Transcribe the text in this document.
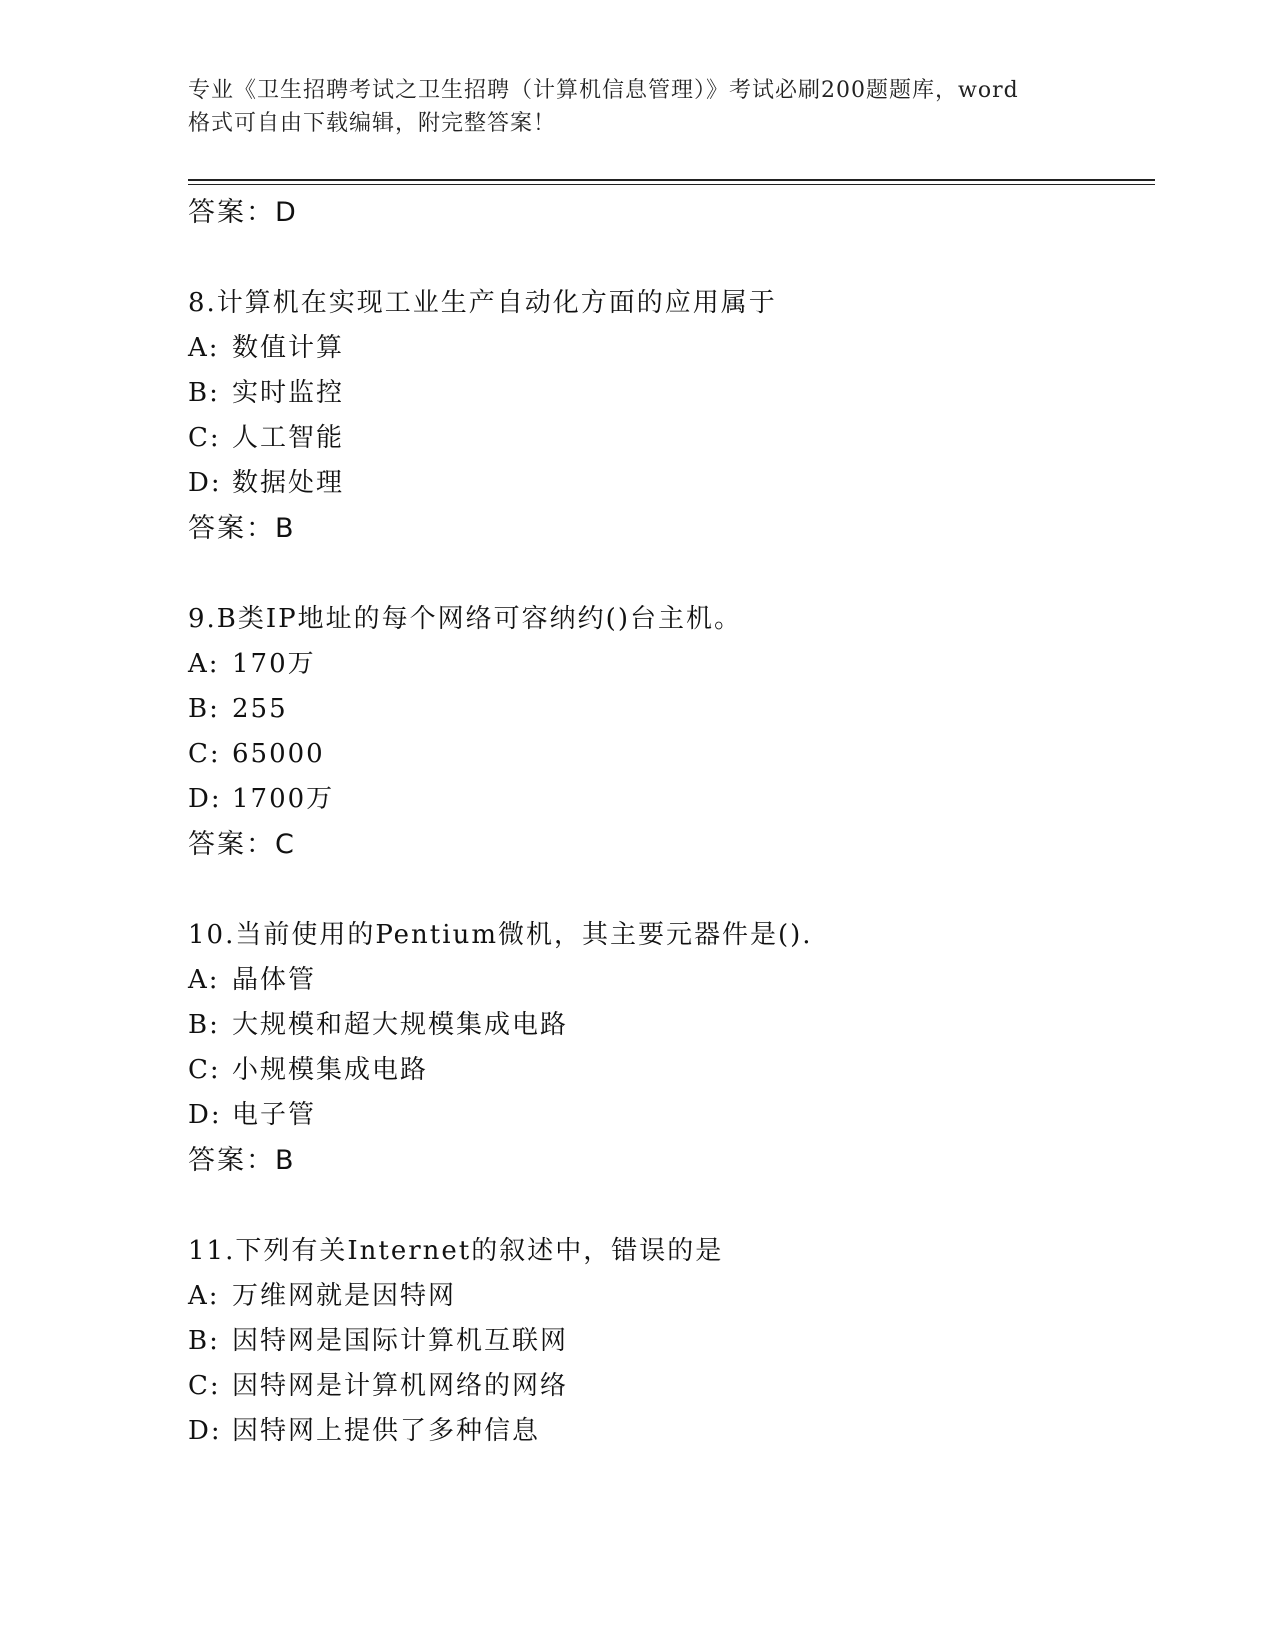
专业《卫生招聘考试之卫生招聘（计算机信息管理）》考试必刷200题题库，word
格式可自由下载编辑，附完整答案！
答案：D
8.计算机在实现工业生产自动化方面的应用属于
A: 数值计算
B: 实时监控
C: 人工智能
D: 数据处理
答案：B
9.B类IP地址的每个网络可容纳约()台主机。
A: 170万
B: 255
C: 65000
D: 1700万
答案：C
10.当前使用的Pentium微机，其主要元器件是().
A: 晶体管
B: 大规模和超大规模集成电路
C: 小规模集成电路
D: 电子管
答案：B
11.下列有关Internet的叙述中，错误的是
A: 万维网就是因特网
B: 因特网是国际计算机互联网
C: 因特网是计算机网络的网络
D: 因特网上提供了多种信息
